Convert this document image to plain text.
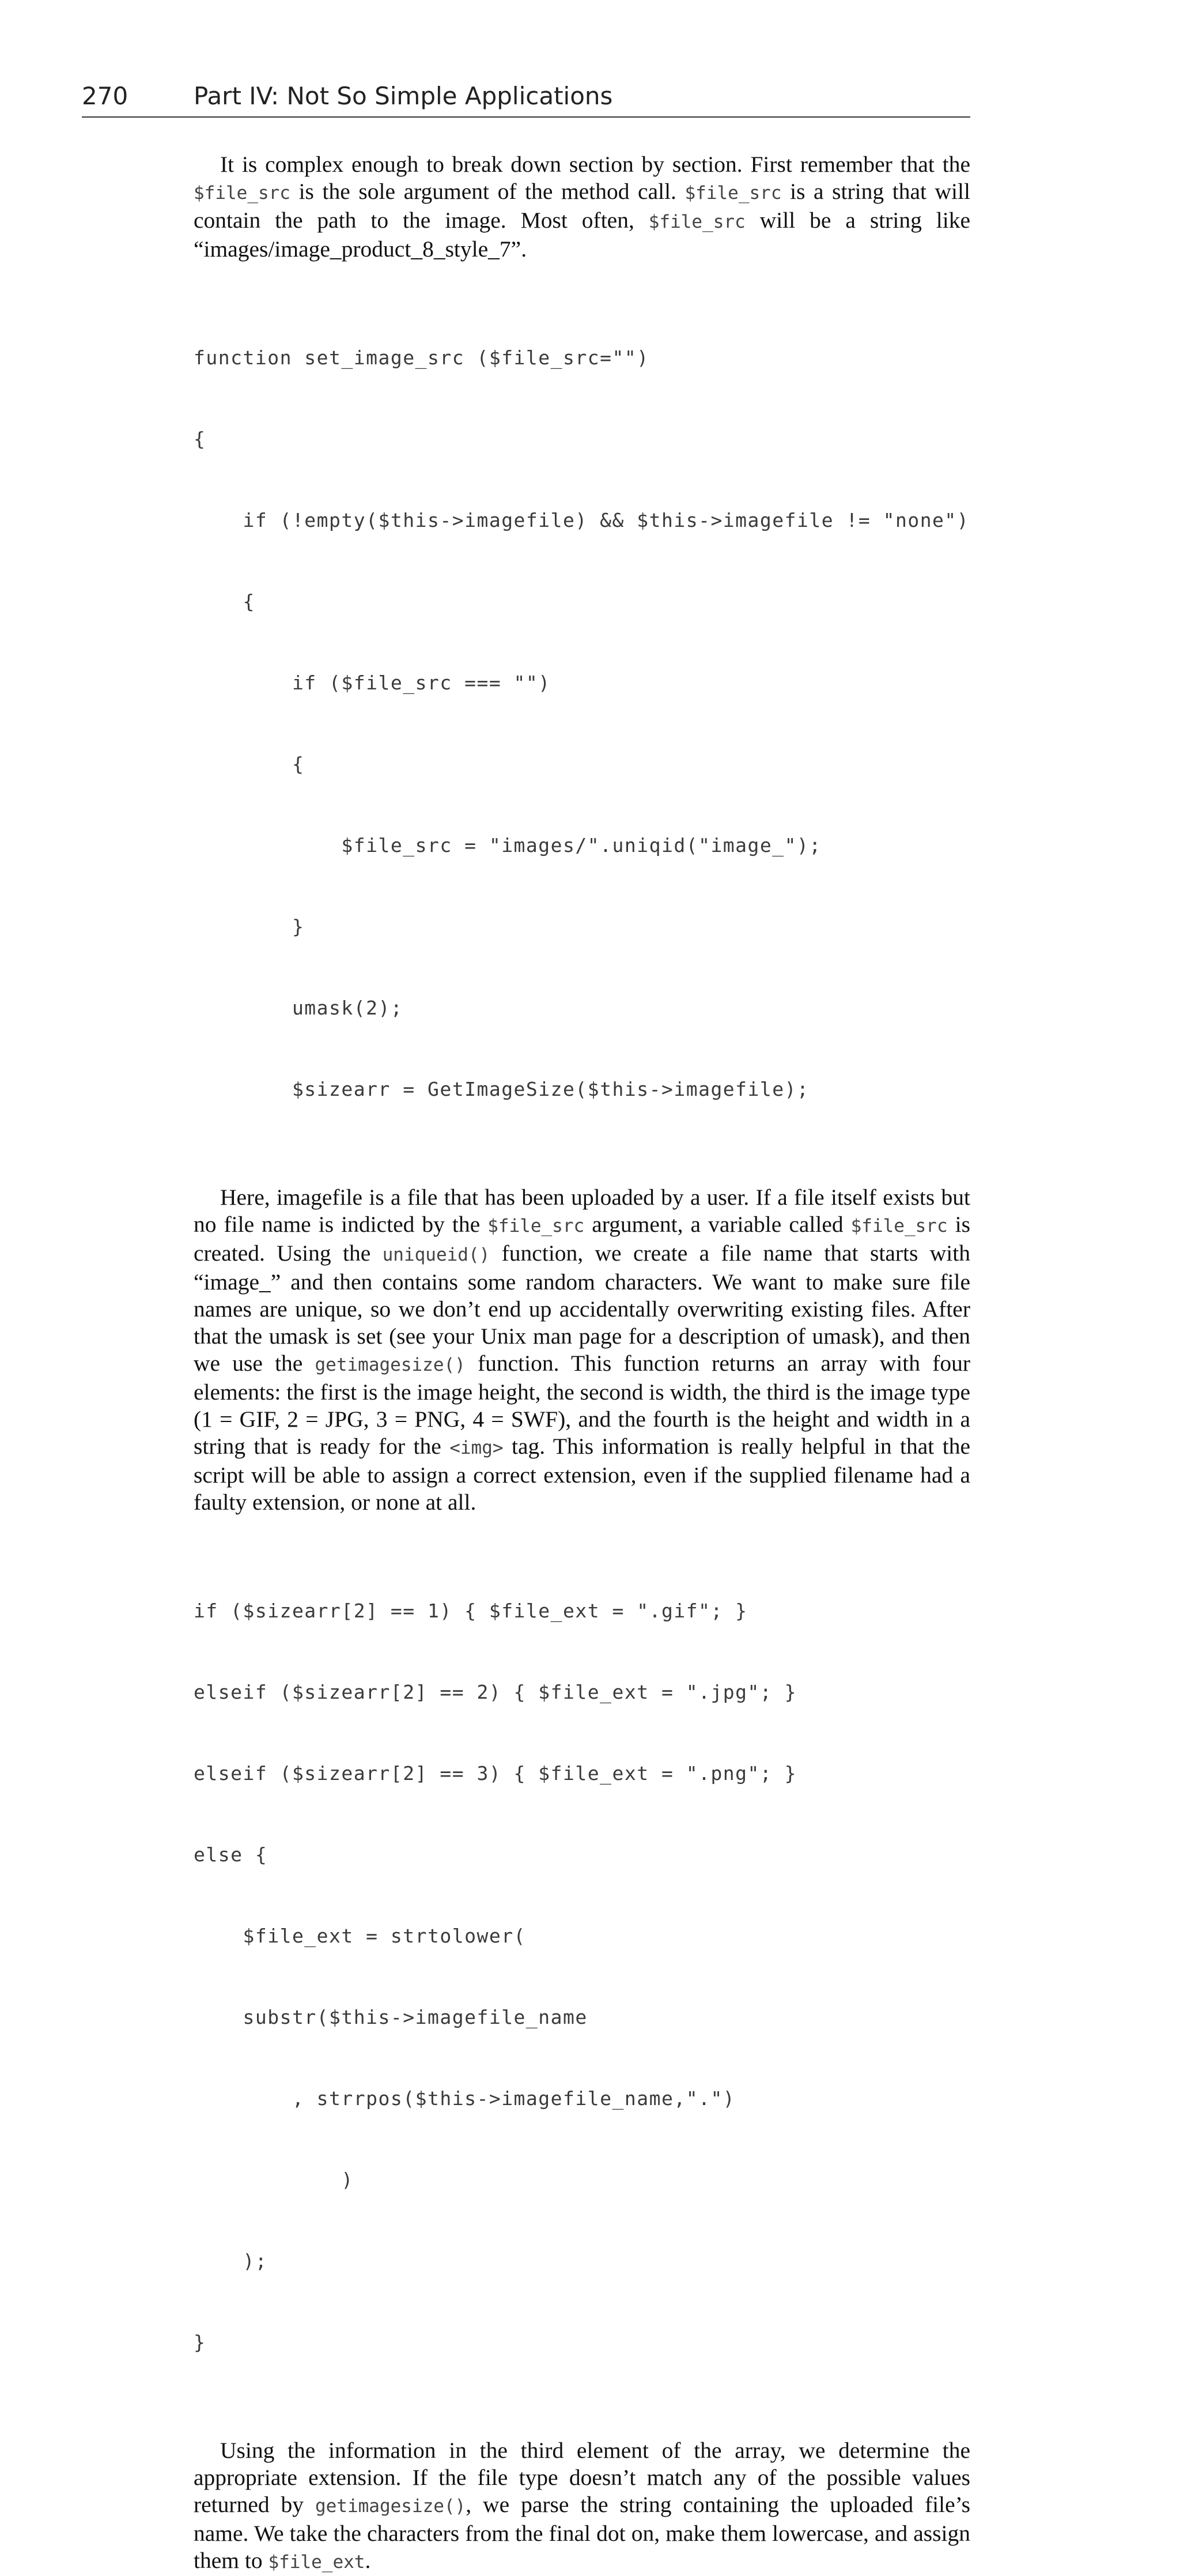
270	Part IV: Not So Simple Applications

It is complex enough to break down section by section. First remember that the $file_src is the sole argument of the method call. $file_src is a string that will contain the path to the image. Most often, $file_src will be a string like “images/image_product_8_style_7”.

function set_image_src ($file_src="")

{

if (!empty($this->imagefile) && $this->imagefile != "none")

{

if ($file_src === "")

{

$file_src = "images/".uniqid("image_");

}

umask(2);

$sizearr = GetImageSize($this->imagefile);

Here, imagefile is a file that has been uploaded by a user. If a file itself exists but no file name is indicted by the $file_src argument, a variable called $file_src is created. Using the uniqueid() function, we create a file name that starts with “image_” and then contains some random characters. We want to make sure file names are unique, so we don’t end up accidentally overwriting existing files. After that the umask is set (see your Unix man page for a description of umask), and then we use the getimagesize() function. This function returns an array with four elements: the first is the image height, the second is width, the third is the image type (1 = GIF, 2 = JPG, 3 = PNG, 4 = SWF), and the fourth is the height and width in a string that is ready for the <img> tag. This information is really helpful in that the script will be able to assign a correct extension, even if the supplied filename had a faulty extension, or none at all.

if ($sizearr[2] == 1) { $file_ext = ".gif"; }

elseif ($sizearr[2] == 2) { $file_ext = ".jpg"; }

elseif ($sizearr[2] == 3) { $file_ext = ".png"; }

else {

$file_ext = strtolower(

substr($this->imagefile_name

, strrpos($this->imagefile_name,".")

)

);

}

Using the information in the third element of the array, we determine the appropriate extension. If the file type doesn’t match any of the possible values returned by getimagesize(), we parse the string containing the uploaded file’s name. We take the characters from the final dot on, make them lowercase, and assign them to $file_ext.
